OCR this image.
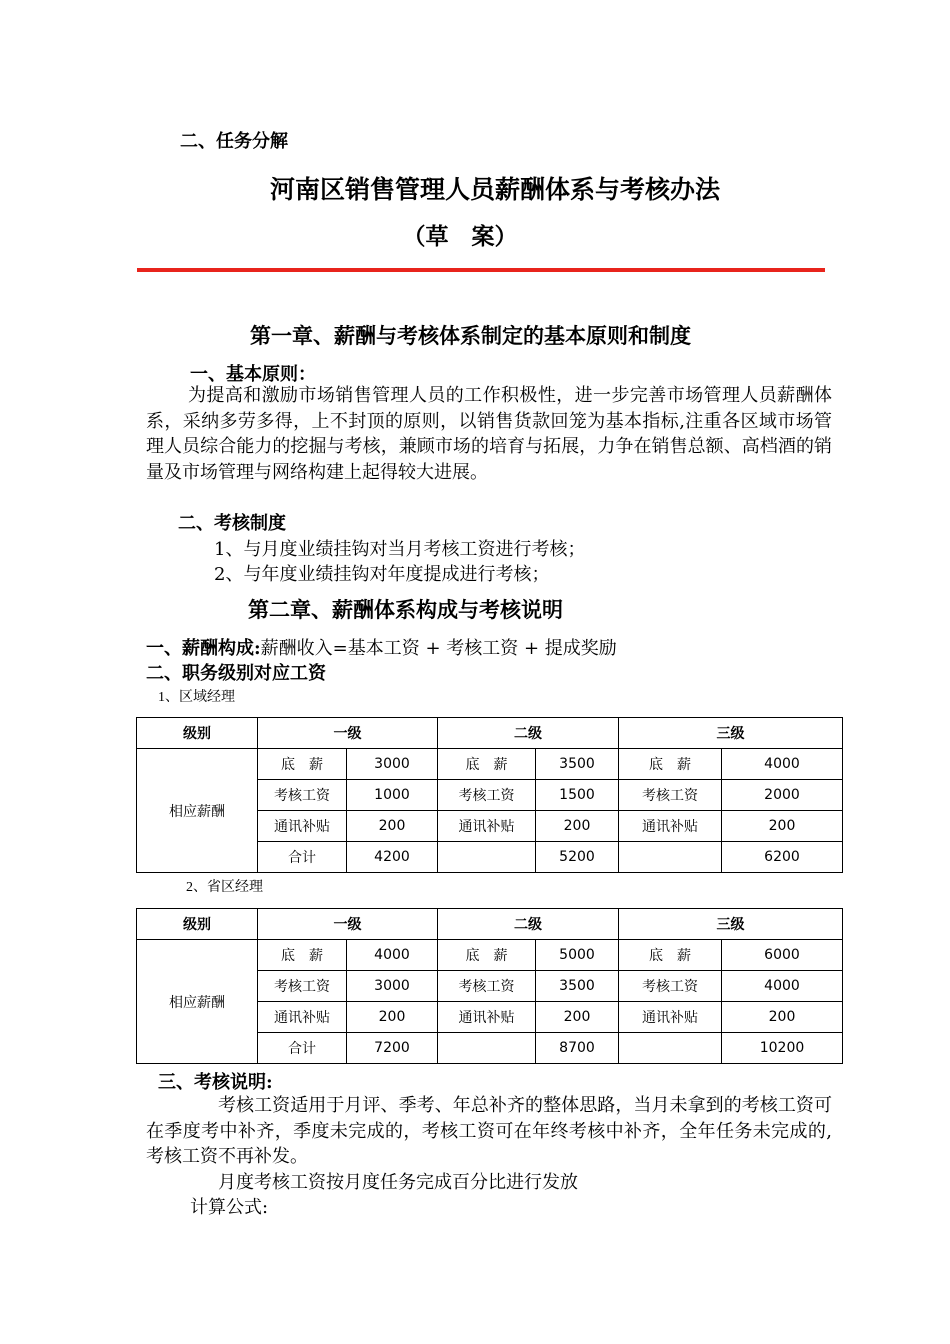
二、任务分解
河南区销售管理人员薪酬体系与考核办法
（草　案）
第一章、薪酬与考核体系制定的基本原则和制度
一、基本原则：
为提高和激励市场销售管理人员的工作积极性，进一步完善市场管理人员薪酬体系，采纳多劳多得，上不封顶的原则，以销售货款回笼为基本指标,注重各区域市场管理人员综合能力的挖掘与考核，兼顾市场的培育与拓展，力争在销售总额、高档酒的销量及市场管理与网络构建上起得较大进展。
二、考核制度
1、与月度业绩挂钩对当月考核工资进行考核；
2、与年度业绩挂钩对年度提成进行考核；
第二章、薪酬体系构成与考核说明
一、薪酬构成:薪酬收入=基本工资 + 考核工资 + 提成奖励
二、职务级别对应工资
1、区域经理
级别	一级		二级		三级	
相应薪酬	底　薪	3000	底　薪	3500	底　薪	4000
	考核工资	1000	考核工资	1500	考核工资	2000
	通讯补贴	200	通讯补贴	200	通讯补贴	200
	合计	4200		5200		6200
2、省区经理
级别	一级		二级		三级	
相应薪酬	底　薪	4000	底　薪	5000	底　薪	6000
	考核工资	3000	考核工资	3500	考核工资	4000
	通讯补贴	200	通讯补贴	200	通讯补贴	200
	合计	7200		8700		10200
三、考核说明:
考核工资适用于月评、季考、年总补齐的整体思路，当月未拿到的考核工资可在季度考中补齐，季度未完成的，考核工资可在年终考核中补齐，全年任务未完成的,考核工资不再补发。
月度考核工资按月度任务完成百分比进行发放
计算公式:
